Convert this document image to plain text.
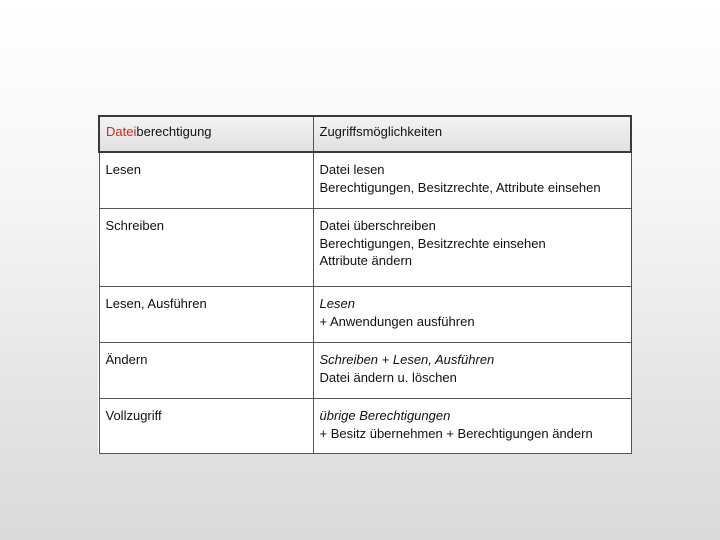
Dateiberechtigung	Zugriffsmöglichkeiten
Lesen	Datei lesen
Berechtigungen, Besitzrechte, Attribute einsehen

Schreiben	Datei überschreiben
Berechtigungen, Besitzrechte einsehen
Attribute ändern

Lesen, Ausführen	Lesen
+ Anwendungen ausführen

Ändern	Schreiben + Lesen, Ausführen
Datei ändern u. löschen

Vollzugriff	übrige Berechtigungen
+ Besitz übernehmen + Berechtigungen ändern
